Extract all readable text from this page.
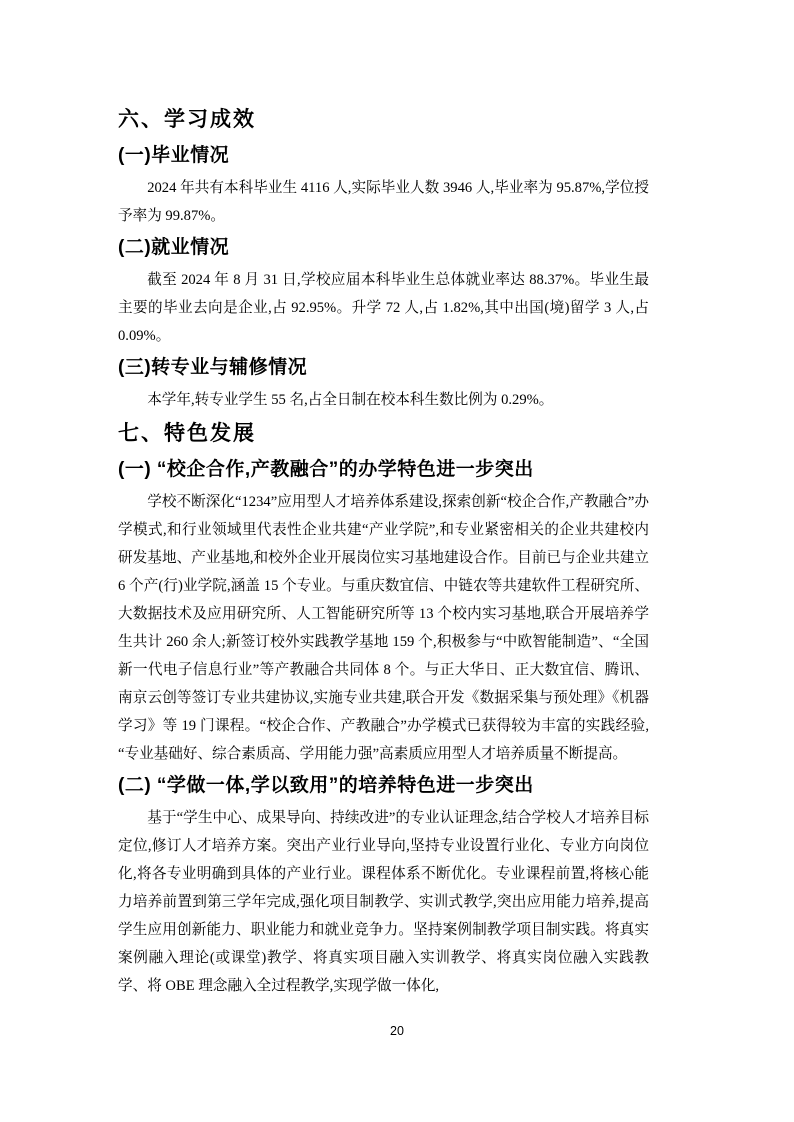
六、学习成效
(一)毕业情况

2024 年共有本科毕业生 4116 人,实际毕业人数 3946 人,毕业率为 95.87%,学位授予率为 99.87%。

(二)就业情况

截至 2024 年 8 月 31 日,学校应届本科毕业生总体就业率达 88.37%。毕业生最主要的毕业去向是企业,占 92.95%。升学 72 人,占 1.82%,其中出国(境)留学 3 人,占 0.09%。

(三)转专业与辅修情况

本学年,转专业学生 55 名,占全日制在校本科生数比例为 0.29%。

七、特色发展
(一) “校企合作,产教融合”的办学特色进一步突出

学校不断深化“1234”应用型人才培养体系建设,探索创新“校企合作,产教融合”办学模式,和行业领域里代表性企业共建“产业学院”,和专业紧密相关的企业共建校内研发基地、产业基地,和校外企业开展岗位实习基地建设合作。目前已与企业共建立 6 个产(行)业学院,涵盖 15 个专业。与重庆数宜信、中链农等共建软件工程研究所、大数据技术及应用研究所、人工智能研究所等 13 个校内实习基地,联合开展培养学生共计 260 余人;新签订校外实践教学基地 159 个,积极参与“中欧智能制造”、“全国新一代电子信息行业”等产教融合共同体 8 个。与正大华日、正大数宜信、腾讯、南京云创等签订专业共建协议,实施专业共建,联合开发《数据采集与预处理》《机器学习》等 19 门课程。“校企合作、产教融合”办学模式已获得较为丰富的实践经验,“专业基础好、综合素质高、学用能力强”高素质应用型人才培养质量不断提高。

(二) “学做一体,学以致用”的培养特色进一步突出

基于“学生中心、成果导向、持续改进”的专业认证理念,结合学校人才培养目标定位,修订人才培养方案。突出产业行业导向,坚持专业设置行业化、专业方向岗位化,将各专业明确到具体的产业行业。课程体系不断优化。专业课程前置,将核心能力培养前置到第三学年完成,强化项目制教学、实训式教学,突出应用能力培养,提高学生应用创新能力、职业能力和就业竞争力。坚持案例制教学项目制实践。将真实案例融入理论(或课堂)教学、将真实项目融入实训教学、将真实岗位融入实践教学、将 OBE 理念融入全过程教学,实现学做一体化,

20
